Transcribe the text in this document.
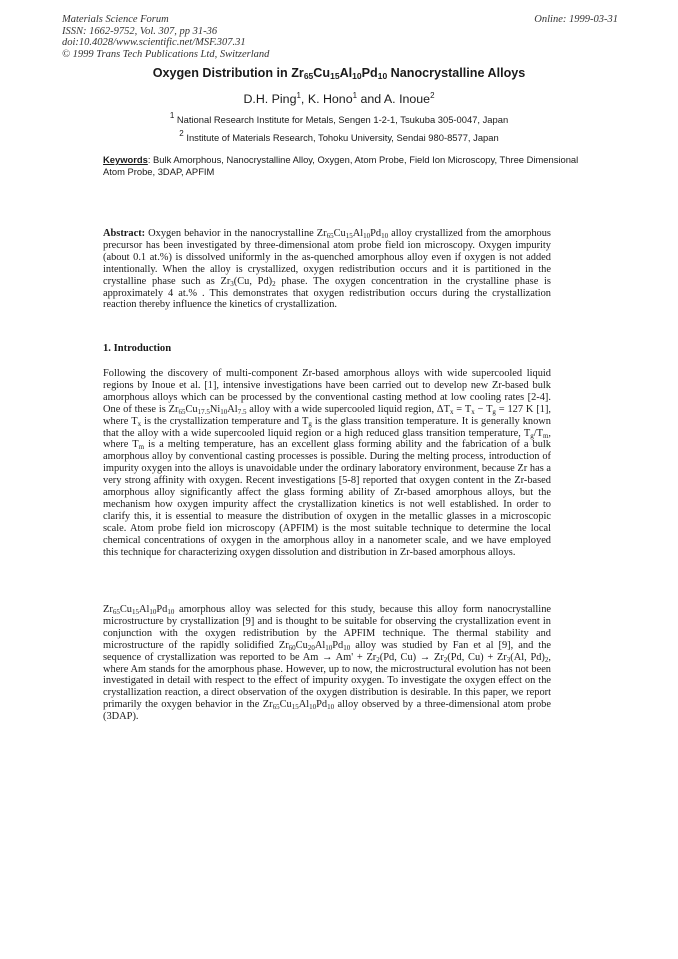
Materials Science Forum
ISSN: 1662-9752, Vol. 307, pp 31-36
doi:10.4028/www.scientific.net/MSF.307.31
© 1999 Trans Tech Publications Ltd, Switzerland
Online: 1999-03-31
Oxygen Distribution in $Zr_{65}Cu_{15}Al_{10}Pd_{10}$ Nanocrystalline Alloys
D.H. Ping$^1$, K. Hono$^1$ and A. Inoue$^2$
$^1$ National Research Institute for Metals, Sengen 1-2-1, Tsukuba 305-0047, Japan
$^2$ Institute of Materials Research, Tohoku University, Sendai 980-8577, Japan
Keywords: Bulk Amorphous, Nanocrystalline Alloy, Oxygen, Atom Probe, Field Ion Microscopy, Three Dimensional Atom Probe, 3DAP, APFIM
Abstract: Oxygen behavior in the nanocrystalline $Zr_{65}Cu_{15}Al_{10}Pd_{10}$ alloy crystallized from the amorphous precursor has been investigated by three-dimensional atom probe field ion microscopy. Oxygen impurity (about 0.1 at.%) is dissolved uniformly in the as-quenched amorphous alloy even if oxygen is not added intentionally. When the alloy is crystallized, oxygen redistribution occurs and it is partitioned in the crystalline phase such as $Zr_3(Cu$, $Pd)_2$ phase. The oxygen concentration in the crystalline phase is approximately 4 at.% . This demonstrates that oxygen redistribution occurs during the crystallization reaction thereby influence the kinetics of crystallization.
1. Introduction
Following the discovery of multi-component Zr-based amorphous alloys with wide supercooled liquid regions by Inoue et al. [1], intensive investigations have been carried out to develop new Zr-based bulk amorphous alloys which can be processed by the conventional casting method at low cooling rates [2-4]. One of these is $Zr_{65}Cu_{17.5}Ni_{10}Al_{7.5}$ alloy with a wide supercooled liquid region, $\Delta T_x = T_x - T_g = 127$ K [1], where $T_x$ is the crystallization temperature and $T_g$ is the glass transition temperature. It is generally known that the alloy with a wide supercooled liquid region or a high reduced glass transition temperature, $T_g/T_m$, where $T_m$ is a melting temperature, has an excellent glass forming ability and the fabrication of a bulk amorphous alloy by conventional casting processes is possible. During the melting process, introduction of impurity oxygen into the alloys is unavoidable under the ordinary laboratory environment, because Zr has a very strong affinity with oxygen. Recent investigations [5-8] reported that oxygen content in the Zr-based amorphous alloy significantly affect the glass forming ability of Zr-based amorphous alloys, but the mechanism how oxygen impurity affect the crystallization kinetics is not well established. In order to clarify this, it is essential to measure the distribution of oxygen in the metallic glasses in a microscopic scale. Atom probe field ion microscopy (APFIM) is the most suitable technique to determine the local chemical concentrations of oxygen in the amorphous alloy in a nanometer scale, and we have employed this technique for characterizing oxygen dissolution and distribution in Zr-based amorphous alloys.
$Zr_{65}Cu_{15}Al_{10}Pd_{10}$ amorphous alloy was selected for this study, because this alloy form nanocrystalline microstructure by crystallization [9] and is thought to be suitable for observing the crystallization event in conjunction with the oxygen redistribution by the APFIM technique. The thermal stability and microstructure of the rapidly solidified $Zr_{60}Cu_{20}Al_{10}Pd_{10}$ alloy was studied by Fan et al [9], and the sequence of crystallization was reported to be $Am \to Am' + Zr_2(Pd$, $Cu) \to Zr_2(Pd$, $Cu) + Zr_3(Al$, $Pd)_2$, where Am stands for the amorphous phase. However, up to now, the microstructural evolution has not been investigated in detail with respect to the effect of impurity oxygen. To investigate the oxygen effect on the crystallization reaction, a direct observation of the oxygen distribution is desirable. In this paper, we report primarily the oxygen behavior in the $Zr_{65}Cu_{15}Al_{10}Pd_{10}$ alloy observed by a three-dimensional atom probe (3DAP).
